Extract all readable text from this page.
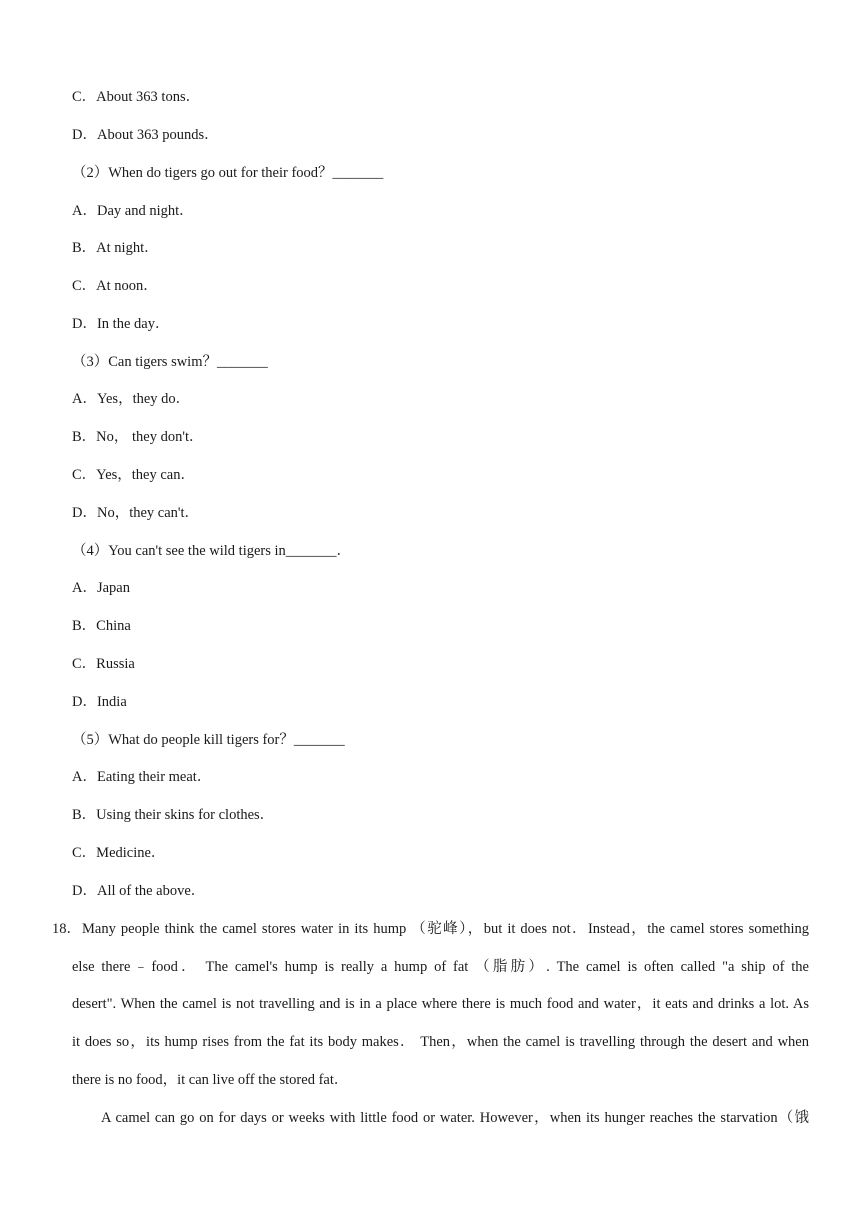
C．About 363 tons．
D．About 363 pounds．
（2）When do tigers go out for their food？_______
A．Day and night．
B．At night．
C．At noon．
D．In the day．
（3）Can tigers swim？_______
A．Yes，they do．
B．No， they don't．
C．Yes，they can．
D．No，they can't．
（4）You can't see the wild tigers in_______．
A．Japan
B．China
C．Russia
D．India
（5）What do people kill tigers for？_______
A．Eating their meat．
B．Using their skins for clothes．
C．Medicine．
D．All of the above．
18． Many people think the camel stores water in its hump （驼峰），but it does not．Instead，the camel stores something
else there﹣food． The camel's hump is really a hump of fat （脂肪）. The camel is often called "a ship of the
desert". When the camel is not travelling and is in a place where there is much food and water，it eats and drinks a lot. As
it does so，its hump rises from the fat its body makes． Then，when the camel is travelling through the desert and when
there is no food，it can live off the stored fat．
A camel can go on for days or weeks with little food or water. However，when its hunger reaches the starvation（饿
